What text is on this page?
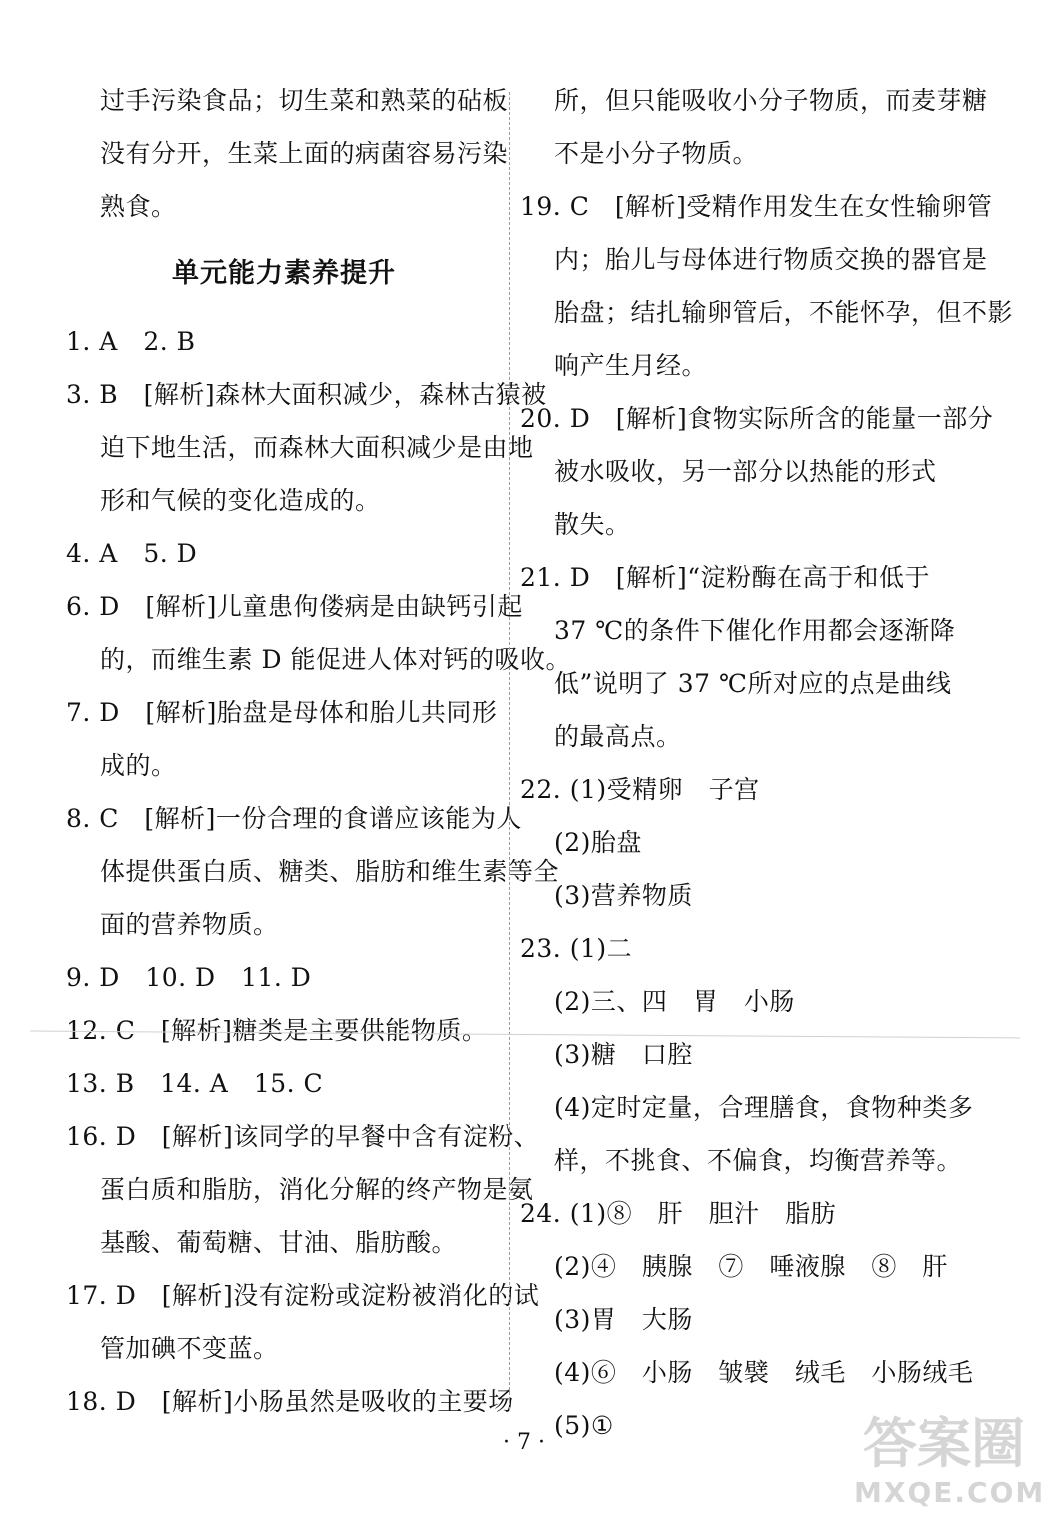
过手污染食品；切生菜和熟菜的砧板
没有分开，生菜上面的病菌容易污染
熟食。
单元能力素养提升
1. A　2. B
3. B　[解析]森林大面积减少，森林古猿被
迫下地生活，而森林大面积减少是由地
形和气候的变化造成的。
4. A　5. D
6. D　[解析]儿童患佝偻病是由缺钙引起
的，而维生素 D 能促进人体对钙的吸收。
7. D　[解析]胎盘是母体和胎儿共同形
成的。
8. C　[解析]一份合理的食谱应该能为人
体提供蛋白质、糖类、脂肪和维生素等全
面的营养物质。
9. D　10. D　11. D
12. C　[解析]糖类是主要供能物质。
13. B　14. A　15. C
16. D　[解析]该同学的早餐中含有淀粉、
蛋白质和脂肪，消化分解的终产物是氨
基酸、葡萄糖、甘油、脂肪酸。
17. D　[解析]没有淀粉或淀粉被消化的试
管加碘不变蓝。
18. D　[解析]小肠虽然是吸收的主要场
所，但只能吸收小分子物质，而麦芽糖
不是小分子物质。
19. C　[解析]受精作用发生在女性输卵管
内；胎儿与母体进行物质交换的器官是
胎盘；结扎输卵管后，不能怀孕，但不影
响产生月经。
20. D　[解析]食物实际所含的能量一部分
被水吸收，另一部分以热能的形式
散失。
21. D　[解析]“淀粉酶在高于和低于
37 ℃的条件下催化作用都会逐渐降
低”说明了 37 ℃所对应的点是曲线
的最高点。
22. (1)受精卵　子宫
(2)胎盘
(3)营养物质
23. (1)二
(2)三、四　胃　小肠
(3)糖　口腔
(4)定时定量，合理膳食，食物种类多
样，不挑食、不偏食，均衡营养等。
24. (1)⑧　肝　胆汁　脂肪
(2)④　胰腺　⑦　唾液腺　⑧　肝
(3)胃　大肠
(4)⑥　小肠　皱襞　绒毛　小肠绒毛
(5)①
· 7 ·	答案圈
MXQE.COM
